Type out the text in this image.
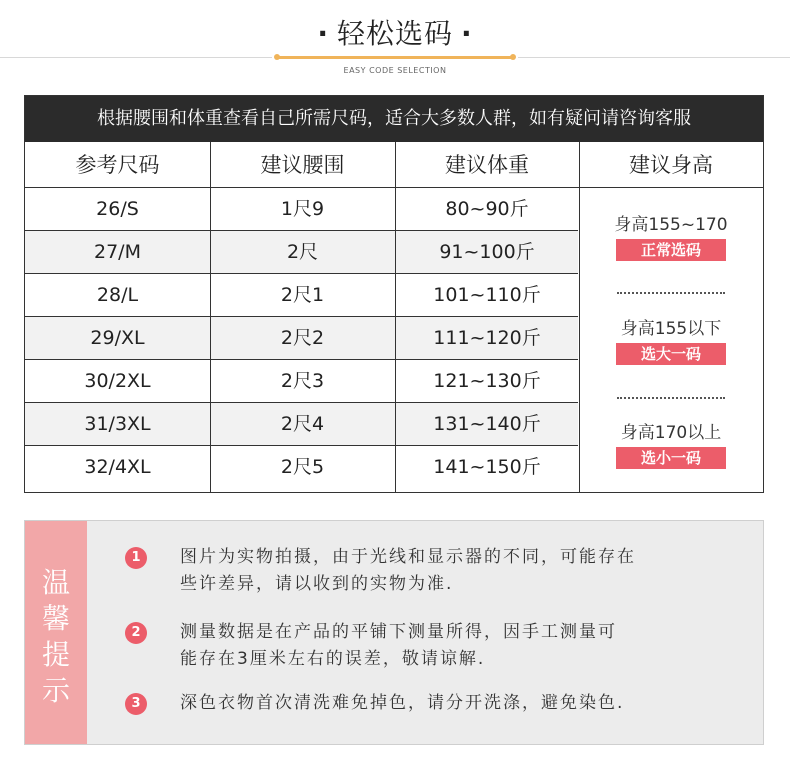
· 轻松选码 ·
EASY CODE SELECTION
根据腰围和体重查看自己所需尺码，适合大多数人群，如有疑问请咨询客服
参考尺码	建议腰围	建议体重	建议身高
26/S	1尺9	80~90斤
27/M	2尺	91~100斤
28/L	2尺1	101~110斤
29/XL	2尺2	111~120斤
30/2XL	2尺3	121~130斤
31/3XL	2尺4	131~140斤
32/4XL	2尺5	141~150斤
身高155~170
正常选码
身高155以下
选大一码
身高170以上
选小一码
温
馨
提
示
1	图片为实物拍摄，由于光线和显示器的不同，可能存在
些许差异，请以收到的实物为准.
2	测量数据是在产品的平铺下测量所得，因手工测量可
能存在3厘米左右的误差，敬请谅解.
3	深色衣物首次清洗难免掉色，请分开洗涤，避免染色.
